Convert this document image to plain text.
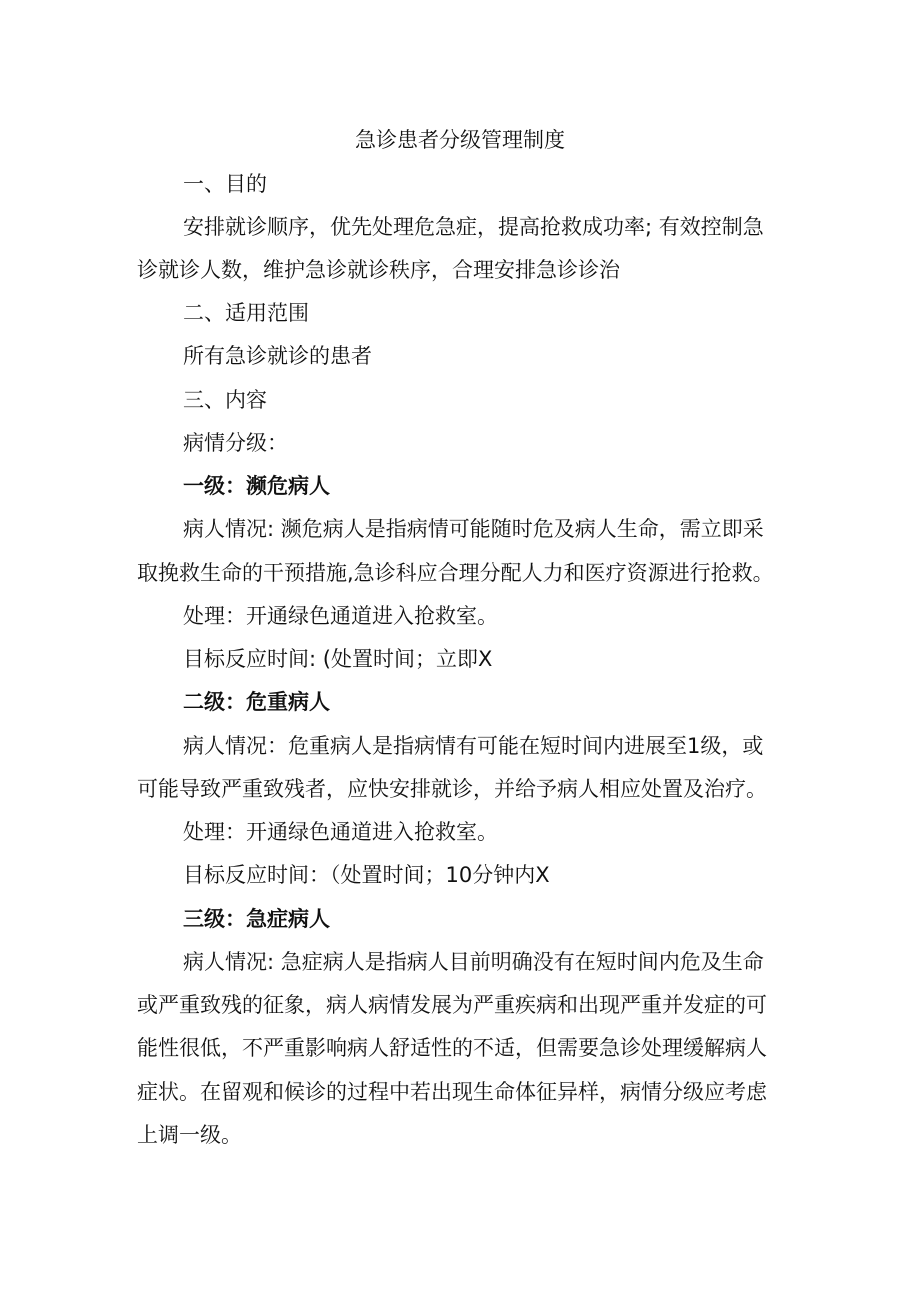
急诊患者分级管理制度

一、目的

安排就诊顺序，优先处理危急症，提高抢救成功率; 有效控制急

诊就诊人数，维护急诊就诊秩序，合理安排急诊诊治

二、适用范围

所有急诊就诊的患者

三、内容

病情分级：

一级：濒危病人

病人情况: 濒危病人是指病情可能随时危及病人生命，需立即采

取挽救生命的干预措施,急诊科应合理分配人力和医疗资源进行抢救。

处理：开通绿色通道进入抢救室。

目标反应时间: (处置时间；立即X

二级：危重病人

病人情况：危重病人是指病情有可能在短时间内进展至1级，或

可能导致严重致残者，应快安排就诊，并给予病人相应处置及治疗。

处理：开通绿色通道进入抢救室。

目标反应时间：（处置时间；10分钟内X

三级：急症病人

病人情况: 急症病人是指病人目前明确没有在短时间内危及生命

或严重致残的征象，病人病情发展为严重疾病和出现严重并发症的可

能性很低，不严重影响病人舒适性的不适，但需要急诊处理缓解病人

症状。在留观和候诊的过程中若出现生命体征异样，病情分级应考虑

上调一级。
